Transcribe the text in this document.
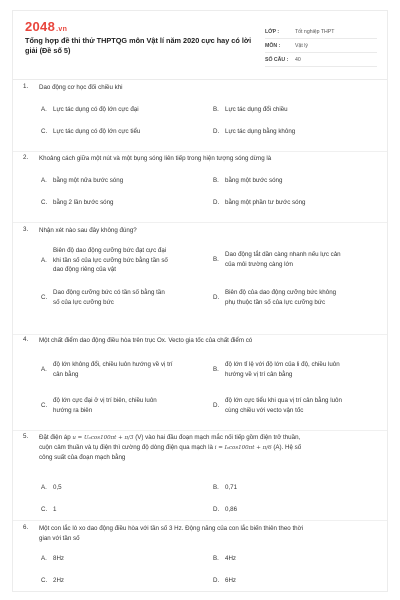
2048.vn
Tổng hợp đề thi thử THPTQG môn Vật lí năm 2020 cực hay có lời giải (Đề số 5)
LỚP :	Tốt nghiệp THPT
MÔN :	Vật lý
SỐ CÂU :	40
1. Dao động cơ học đối chiều khi
A. Lực tác dụng có độ lớn cực đại	B. Lực tác dụng đổi chiều
C. Lực tác dụng có độ lớn cực tiểu	D. Lực tác dụng bằng không
2. Khoảng cách giữa một nút và một bụng sóng liên tiếp trong hiện tượng sóng dừng là
A. bằng một nửa bước sóng	B. bằng một bước sóng
C. bằng 2 lần bước sóng	D. bằng một phần tư bước sóng
3. Nhận xét nào sau đây không đúng?
A.
Biên độ dao động cưỡng bức đạt cực đại
khi tần số của lực cưỡng bức bằng tần số
dao động riêng của vật
B.
Dao động tắt dần càng nhanh nếu lực cản
của môi trường càng lớn
C.
Dao động cưỡng bức có tần số bằng tần
số của lực cưỡng bức
D.
Biên độ của dao động cưỡng bức không
phụ thuộc tần số của lực cưỡng bức
4. Một chất điểm dao động điều hòa trên trục Ox. Vecto gia tốc của chất điểm có
A.
độ lớn không đổi, chiều luôn hướng về vị trí
cân bằng
B.
độ lớn tỉ lệ với độ lớn của li độ, chiều luôn
hướng về vị trí cân bằng
C.
độ lớn cực đại ở vị trí biên, chiều luôn
hướng ra biên
D.
độ lớn cực tiểu khi qua vị trí cân bằng luôn
cùng chiều với vecto vận tốc
5. Đặt điện áp u = U₀cos100πt + π/3 (V) vào hai đầu đoạn mạch mắc nối tiếp gồm điện trở thuần,
cuộn cảm thuần và tụ điện thì cường độ dòng điện qua mạch là i = I₀cos100πt + π/6 (A). Hệ số
công suất của đoạn mạch bằng
A. 0,5	B. 0,71
C. 1	D. 0,86
6. Một con lắc lò xo dao động điều hòa với tần số 3 Hz. Động năng của con lắc biến thiên theo thời
gian với tần số
A. 8Hz	B. 4Hz
C. 2Hz	D. 6Hz
